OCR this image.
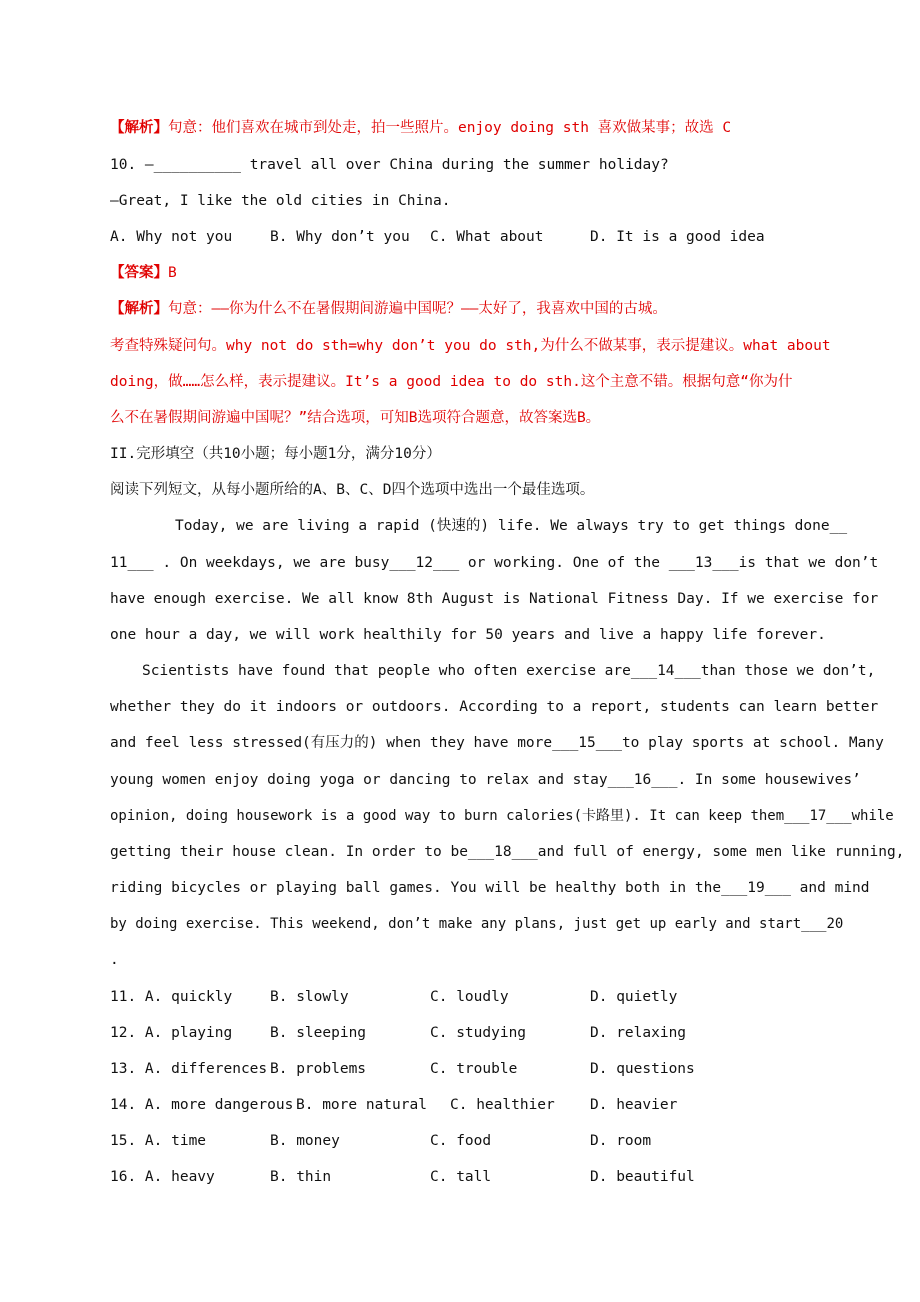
【解析】句意：他们喜欢在城市到处走，拍一些照片。enjoy doing sth 喜欢做某事；故选 C
10. —__________ travel all over China during the summer holiday?
—Great, I like the old cities in China.
A. Why not you	B. Why don’t you C. What about	D. It is a good idea
【答案】B
【解析】句意：——你为什么不在暑假期间游遍中国呢？——太好了，我喜欢中国的古城。
考查特殊疑问句。why not do sth=why don’t you do sth,为什么不做某事，表示提建议。what about
doing，做……怎么样，表示提建议。It’s a good idea to do sth.这个主意不错。根据句意“你为什
么不在暑假期间游遍中国呢？”结合选项，可知B选项符合题意，故答案选B。
II.完形填空（共10小题；每小题1分，满分10分）
阅读下列短文，从每小题所给的A、B、C、D四个选项中选出一个最佳选项。
Today, we are living a rapid (快速的) life. We always try to get things done__
11___ . On weekdays, we are busy___12___ or working. One of the ___13___is that we don’t
have enough exercise. We all know 8th August is National Fitness Day. If we exercise for
one hour a day, we will work healthily for 50 years and live a happy life forever.
Scientists have found that people who often exercise are___14___than those we don’t,
whether they do it indoors or outdoors. According to a report, students can learn better
and feel less stressed(有压力的) when they have more___15___to play sports at school. Many
young women enjoy doing yoga or dancing to relax and stay___16___. In some housewives’
opinion, doing housework is a good way to burn calories(卡路里). It can keep them___17___while
getting their house clean. In order to be___18___and full of energy, some men like running,
riding bicycles or playing ball games. You will be healthy both in the___19___ and mind
by doing exercise. This weekend, don’t make any plans, just get up early and start___20
.
11. A. quickly	B. slowly	C. loudly	D. quietly
12. A. playing	B. sleeping	C. studying	D. relaxing
13. A. differences B. problems	C. trouble	D. questions
14. A. more dangerous B. more natural C. healthier D. heavier
15. A. time	B. money	C. food	D. room
16. A. heavy	B. thin	C. tall	D. beautiful
